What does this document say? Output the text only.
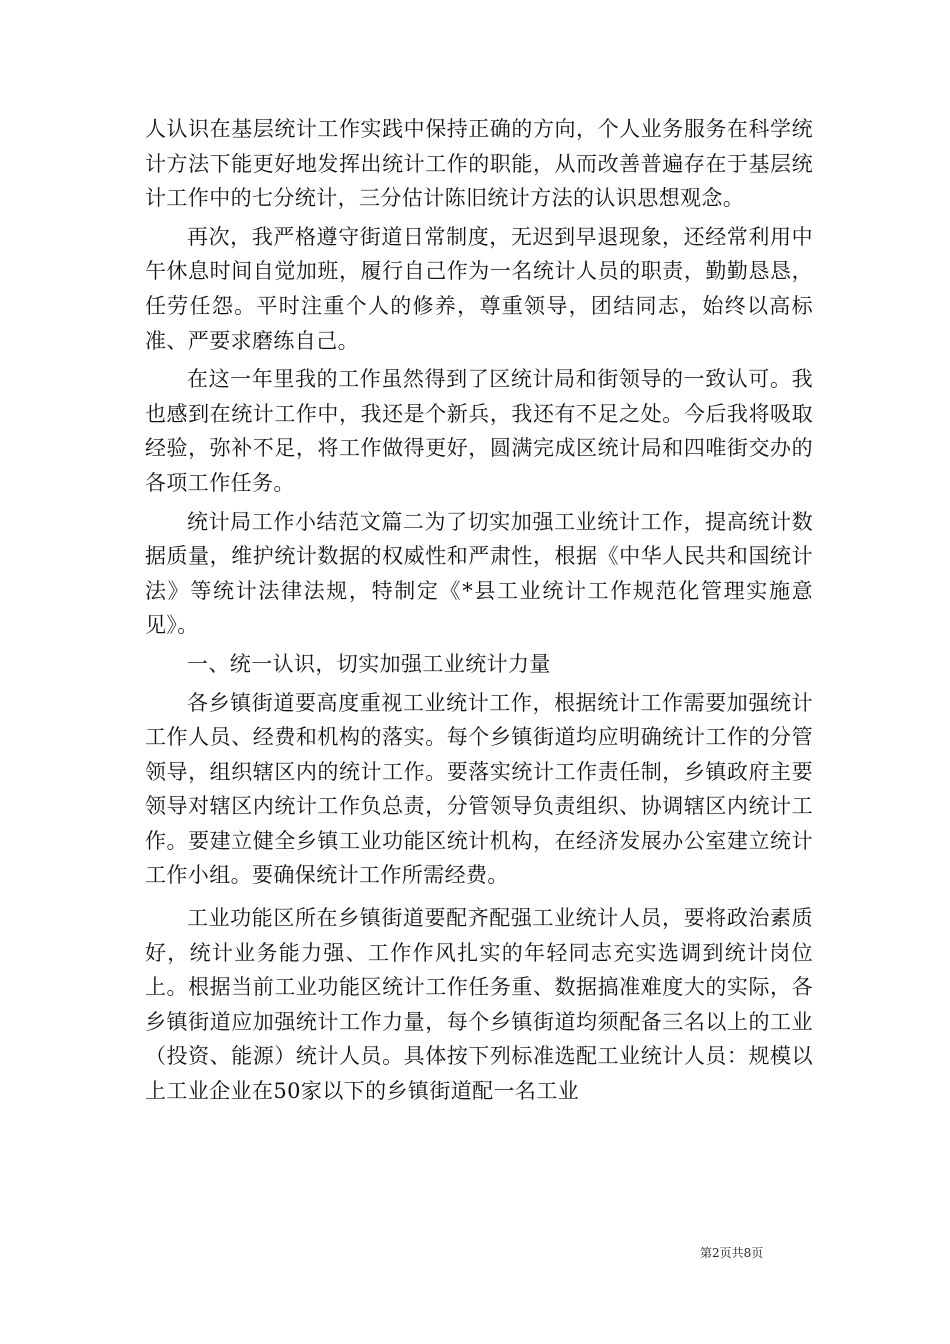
人认识在基层统计工作实践中保持正确的方向，个人业务服务在科学统计方法下能更好地发挥出统计工作的职能，从而改善普遍存在于基层统计工作中的七分统计，三分估计陈旧统计方法的认识思想观念。

再次，我严格遵守街道日常制度，无迟到早退现象，还经常利用中午休息时间自觉加班，履行自己作为一名统计人员的职责，勤勤恳恳，任劳任怨。平时注重个人的修养，尊重领导，团结同志，始终以高标准、严要求磨练自己。

在这一年里我的工作虽然得到了区统计局和街领导的一致认可。我也感到在统计工作中，我还是个新兵，我还有不足之处。今后我将吸取经验，弥补不足，将工作做得更好，圆满完成区统计局和四唯街交办的各项工作任务。

统计局工作小结范文篇二为了切实加强工业统计工作，提高统计数据质量，维护统计数据的权威性和严肃性，根据《中华人民共和国统计法》等统计法律法规，特制定《*县工业统计工作规范化管理实施意见》。

一、统一认识，切实加强工业统计力量

各乡镇街道要高度重视工业统计工作，根据统计工作需要加强统计工作人员、经费和机构的落实。每个乡镇街道均应明确统计工作的分管领导，组织辖区内的统计工作。要落实统计工作责任制，乡镇政府主要领导对辖区内统计工作负总责，分管领导负责组织、协调辖区内统计工作。要建立健全乡镇工业功能区统计机构，在经济发展办公室建立统计工作小组。要确保统计工作所需经费。

工业功能区所在乡镇街道要配齐配强工业统计人员，要将政治素质好，统计业务能力强、工作作风扎实的年轻同志充实选调到统计岗位上。根据当前工业功能区统计工作任务重、数据搞准难度大的实际，各乡镇街道应加强统计工作力量，每个乡镇街道均须配备三名以上的工业（投资、能源）统计人员。具体按下列标准选配工业统计人员：规模以上工业企业在50家以下的乡镇街道配一名工业

第2页共8页
